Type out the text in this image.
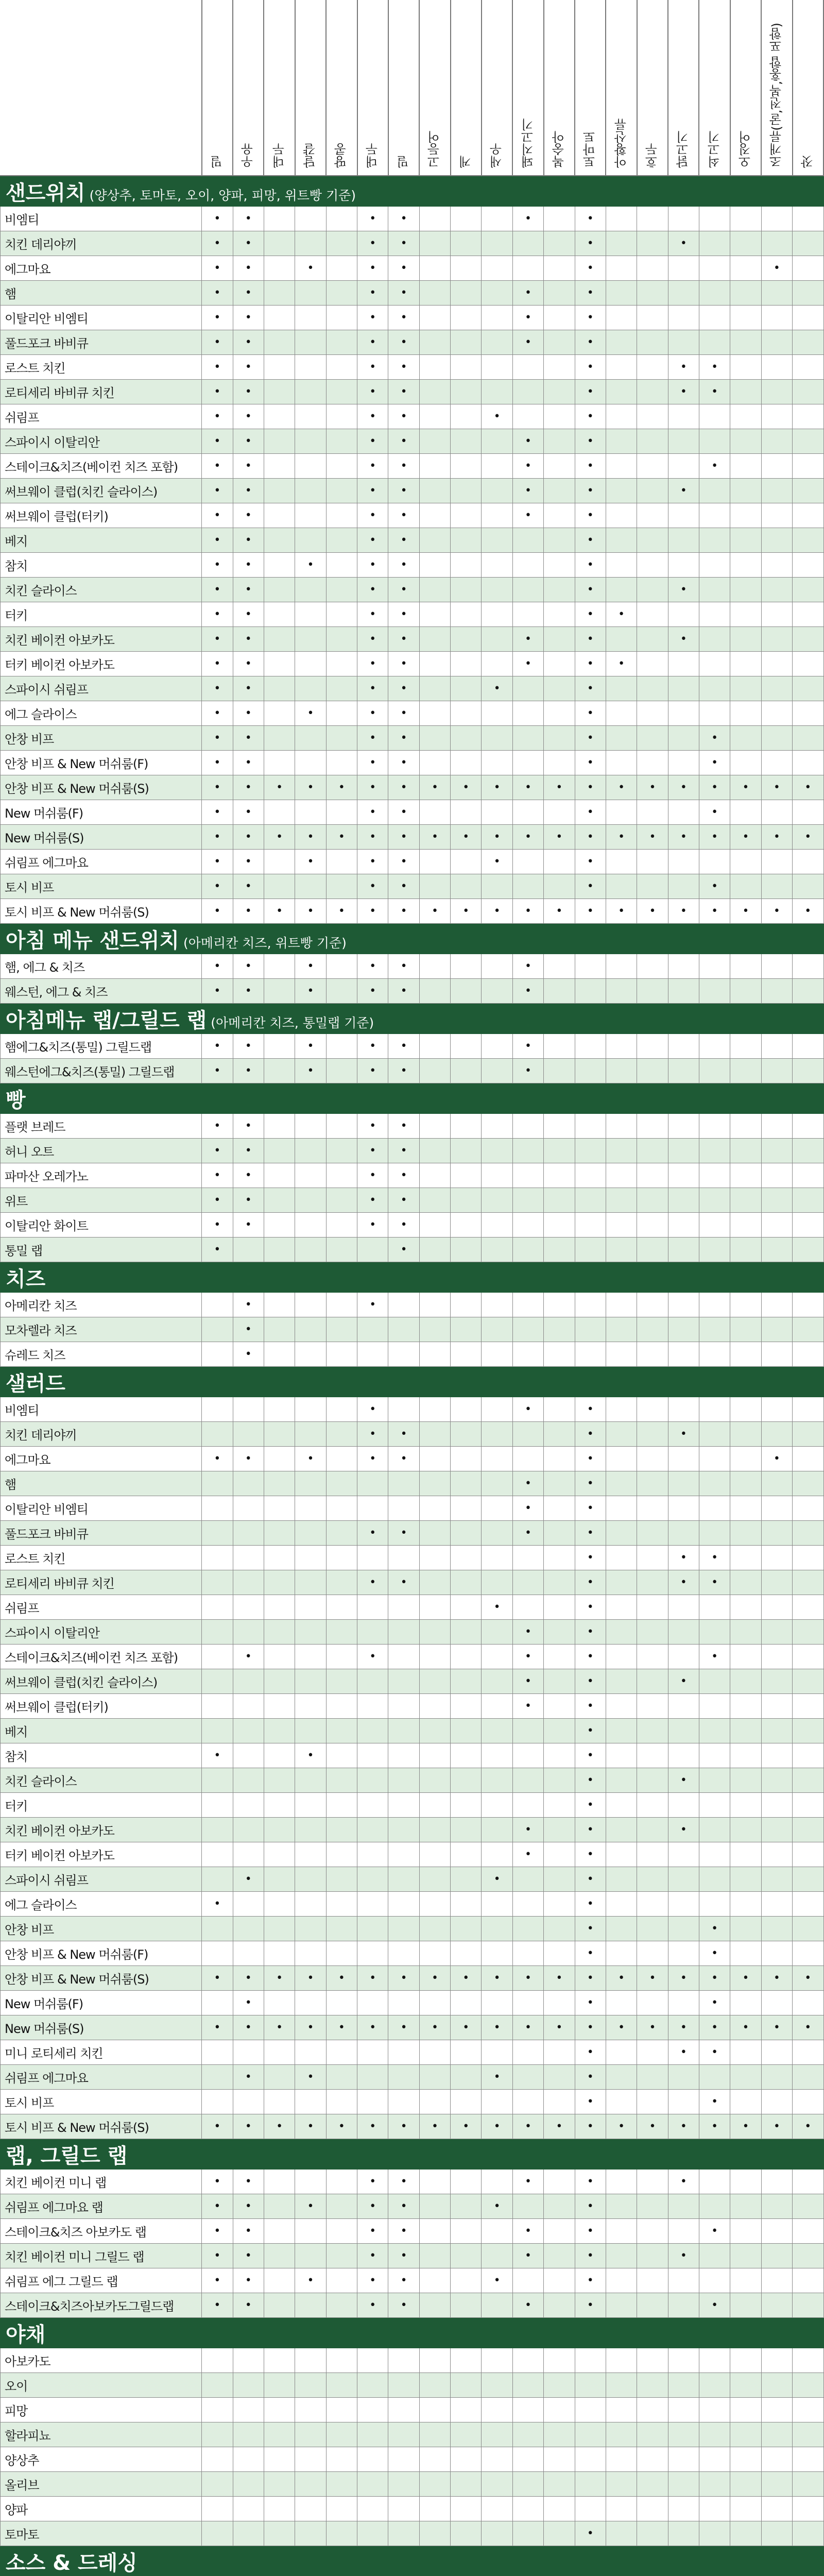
	밀	우유	대두	달걀	땅콩	대두	밀	고등어	게	새우	돼지고기	복숭아	토마토	아황산류	호두	닭고기	쇠고기	오징어	조개류(굴,전복,홍합 포함)	잣
샌드위치 (양상추, 토마토, 오이, 양파, 피망, 위트빵 기준)																				
비엠티	•	•				•	•				•		•							
치킨 데리야끼	•	•				•	•						•			•				
에그마요	•	•		•		•	•						•						•	
햄	•	•				•	•				•		•							
이탈리안 비엠티	•	•				•	•				•		•							
풀드포크 바비큐	•	•				•	•				•		•							
로스트 치킨	•	•				•	•						•			•	•			
로티세리 바비큐 치킨	•	•				•	•						•			•	•			
쉬림프	•	•				•	•			•			•							
스파이시 이탈리안	•	•				•	•				•		•							
스테이크&치즈(베이컨 치즈 포함)	•	•				•	•				•		•				•			
써브웨이 클럽(치킨 슬라이스)	•	•				•	•				•		•			•				
써브웨이 클럽(터키)	•	•				•	•				•		•							
베지	•	•				•	•						•							
참치	•	•		•		•	•						•							
치킨 슬라이스	•	•				•	•						•			•				
터키	•	•				•	•						•	•						
치킨 베이컨 아보카도	•	•				•	•				•		•			•				
터키 베이컨 아보카도	•	•				•	•				•		•	•						
스파이시 쉬림프	•	•				•	•			•			•							
에그 슬라이스	•	•		•		•	•						•							
안창 비프	•	•				•	•						•				•			
안창 비프 & New 머쉬룸(F)	•	•				•	•						•				•			
안창 비프 & New 머쉬룸(S)	•	•	•	•	•	•	•	•	•	•	•	•	•	•	•	•	•	•	•	•
New 머쉬룸(F)	•	•				•	•						•				•			
New 머쉬룸(S)	•	•	•	•	•	•	•	•	•	•	•	•	•	•	•	•	•	•	•	•
쉬림프 에그마요	•	•		•		•	•			•			•							
토시 비프	•	•				•	•						•				•			
토시 비프 & New 머쉬룸(S)	•	•	•	•	•	•	•	•	•	•	•	•	•	•	•	•	•	•	•	•
아침 메뉴 샌드위치 (아메리칸 치즈, 위트빵 기준)																				
햄, 에그 & 치즈	•	•		•		•	•				•									
웨스턴, 에그 & 치즈	•	•		•		•	•				•									
아침메뉴 랩/그릴드 랩 (아메리칸 치즈, 통밀랩 기준)																				
햄에그&치즈(통밀) 그릴드랩	•	•		•		•	•				•									
웨스턴에그&치즈(통밀) 그릴드랩	•	•		•		•	•				•									
빵																				
플랫 브레드	•	•				•	•													
허니 오트	•	•				•	•													
파마산 오레가노	•	•				•	•													
위트	•	•				•	•													
이탈리안 화이트	•	•				•	•													
통밀 랩	•						•													
치즈																				
아메리칸 치즈		•				•														
모차렐라 치즈		•																		
슈레드 치즈		•																		
샐러드																				
비엠티						•					•		•							
치킨 데리야끼						•	•						•			•				
에그마요	•	•		•		•	•						•						•	
햄											•		•							
이탈리안 비엠티											•		•							
풀드포크 바비큐						•	•				•		•							
로스트 치킨													•			•	•			
로티세리 바비큐 치킨						•	•						•			•	•			
쉬림프										•			•							
스파이시 이탈리안											•		•							
스테이크&치즈(베이컨 치즈 포함)		•				•					•		•				•			
써브웨이 클럽(치킨 슬라이스)											•		•			•				
써브웨이 클럽(터키)											•		•							
베지													•							
참치	•			•									•							
치킨 슬라이스													•			•				
터키													•							
치킨 베이컨 아보카도											•		•			•				
터키 베이컨 아보카도											•		•							
스파이시 쉬림프		•								•			•							
에그 슬라이스	•												•							
안창 비프													•				•			
안창 비프 & New 머쉬룸(F)													•				•			
안창 비프 & New 머쉬룸(S)	•	•	•	•	•	•	•	•	•	•	•	•	•	•	•	•	•	•	•	•
New 머쉬룸(F)		•											•				•			
New 머쉬룸(S)	•	•	•	•	•	•	•	•	•	•	•	•	•	•	•	•	•	•	•	•
미니 로티세리 치킨													•			•	•			
쉬림프 에그마요		•		•						•			•							
토시 비프													•				•			
토시 비프 & New 머쉬룸(S)	•	•	•	•	•	•	•	•	•	•	•	•	•	•	•	•	•	•	•	•
랩, 그릴드 랩																				
치킨 베이컨 미니 랩	•	•				•	•				•		•			•				
쉬림프 에그마요 랩	•	•		•		•	•			•			•							
스테이크&치즈 아보카도 랩	•	•				•	•				•		•				•			
치킨 베이컨 미니 그릴드 랩	•	•				•	•				•		•			•				
쉬림프 에그 그릴드 랩	•	•		•		•	•			•			•							
스테이크&치즈아보카도그릴드랩	•	•				•	•				•		•				•			
야채																				
아보카도																				
오이																				
피망																				
할라피뇨																				
양상추																				
올리브																				
양파																				
토마토													•							
소스 & 드레싱																				
